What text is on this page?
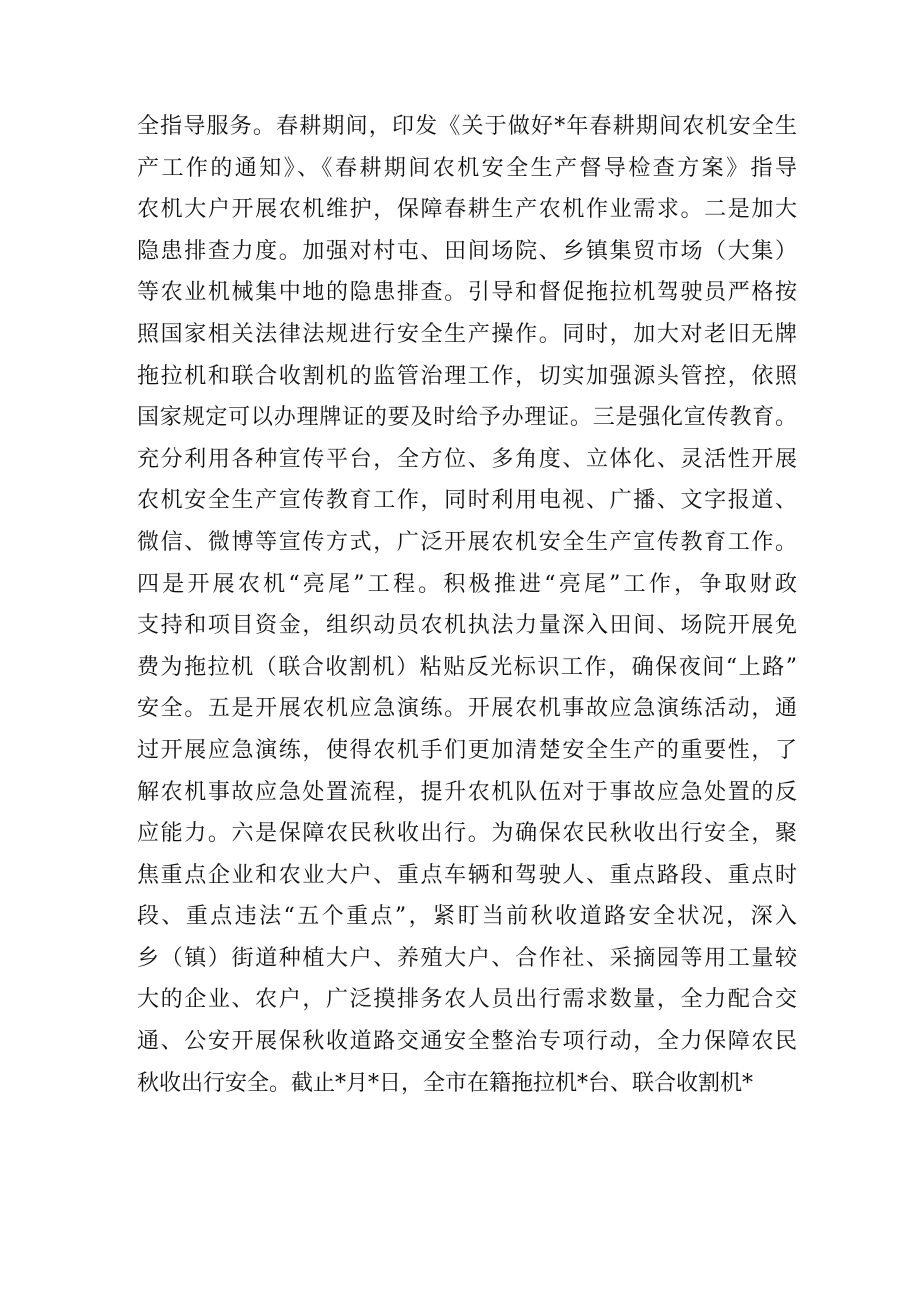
全指导服务。春耕期间，印发《关于做好*年春耕期间农机安全生
产工作的通知》、《春耕期间农机安全生产督导检查方案》指导
农机大户开展农机维护，保障春耕生产农机作业需求。二是加大
隐患排查力度。加强对村屯、田间场院、乡镇集贸市场（大集）
等农业机械集中地的隐患排查。引导和督促拖拉机驾驶员严格按
照国家相关法律法规进行安全生产操作。同时，加大对老旧无牌
拖拉机和联合收割机的监管治理工作，切实加强源头管控，依照
国家规定可以办理牌证的要及时给予办理证。三是强化宣传教育。
充分利用各种宣传平台，全方位、多角度、立体化、灵活性开展
农机安全生产宣传教育工作，同时利用电视、广播、文字报道、
微信、微博等宣传方式，广泛开展农机安全生产宣传教育工作。
四是开展农机“亮尾”工程。积极推进“亮尾”工作，争取财政
支持和项目资金，组织动员农机执法力量深入田间、场院开展免
费为拖拉机（联合收割机）粘贴反光标识工作，确保夜间“上路”
安全。五是开展农机应急演练。开展农机事故应急演练活动，通
过开展应急演练，使得农机手们更加清楚安全生产的重要性，了
解农机事故应急处置流程，提升农机队伍对于事故应急处置的反
应能力。六是保障农民秋收出行。为确保农民秋收出行安全，聚
焦重点企业和农业大户、重点车辆和驾驶人、重点路段、重点时
段、重点违法“五个重点”，紧盯当前秋收道路安全状况，深入
乡（镇）街道种植大户、养殖大户、合作社、采摘园等用工量较
大的企业、农户，广泛摸排务农人员出行需求数量，全力配合交
通、公安开展保秋收道路交通安全整治专项行动，全力保障农民
秋收出行安全。截止*月*日，全市在籍拖拉机*台、联合收割机*
